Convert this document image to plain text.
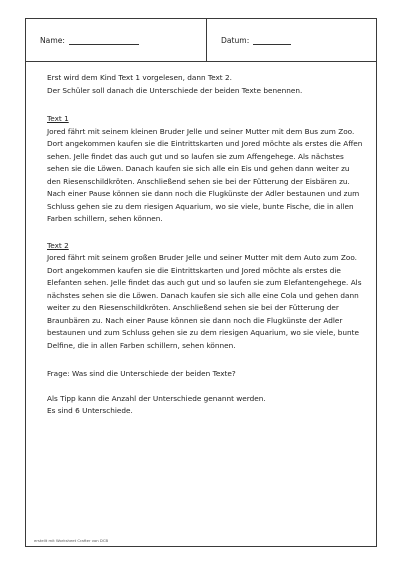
Name:	Datum:

Erst wird dem Kind Text 1 vorgelesen, dann Text 2.

Der Schüler soll danach die Unterschiede der beiden Texte benennen.

Text 1

Jored fährt mit seinem kleinen Bruder Jelle und seiner Mutter mit dem Bus zum Zoo. Dort angekommen kaufen sie die Eintrittskarten und Jored möchte als erstes die Affen sehen. Jelle findet das auch gut und so laufen sie zum Affengehege. Als nächstes sehen sie die Löwen. Danach kaufen sie sich alle ein Eis und gehen dann weiter zu den Riesenschildkröten. Anschließend sehen sie bei der Fütterung der Eisbären zu. Nach einer Pause können sie dann noch die Flugkünste der Adler bestaunen und zum Schluss gehen sie zu dem riesigen Aquarium, wo sie viele, bunte Fische, die in allen Farben schillern, sehen können.

Text 2

Jored fährt mit seinem großen Bruder Jelle und seiner Mutter mit dem Auto zum Zoo. Dort angekommen kaufen sie die Eintrittskarten und Jored möchte als erstes die Elefanten sehen. Jelle findet das auch gut und so laufen sie zum Elefantengehege. Als nächstes sehen sie die Löwen. Danach kaufen sie sich alle eine Cola und gehen dann weiter zu den Riesenschildkröten. Anschließend sehen sie bei der Fütterung der Braunbären zu. Nach einer Pause können sie dann noch die Flugkünste der Adler bestaunen und zum Schluss gehen sie zu dem riesigen Aquarium, wo sie viele, bunte Delfine, die in allen Farben schillern, sehen können.

Frage: Was sind die Unterschiede der beiden Texte?

Als Tipp kann die Anzahl der Unterschiede genannt werden.

Es sind 6 Unterschiede.

erstellt mit Worksheet Crafter von DCB
